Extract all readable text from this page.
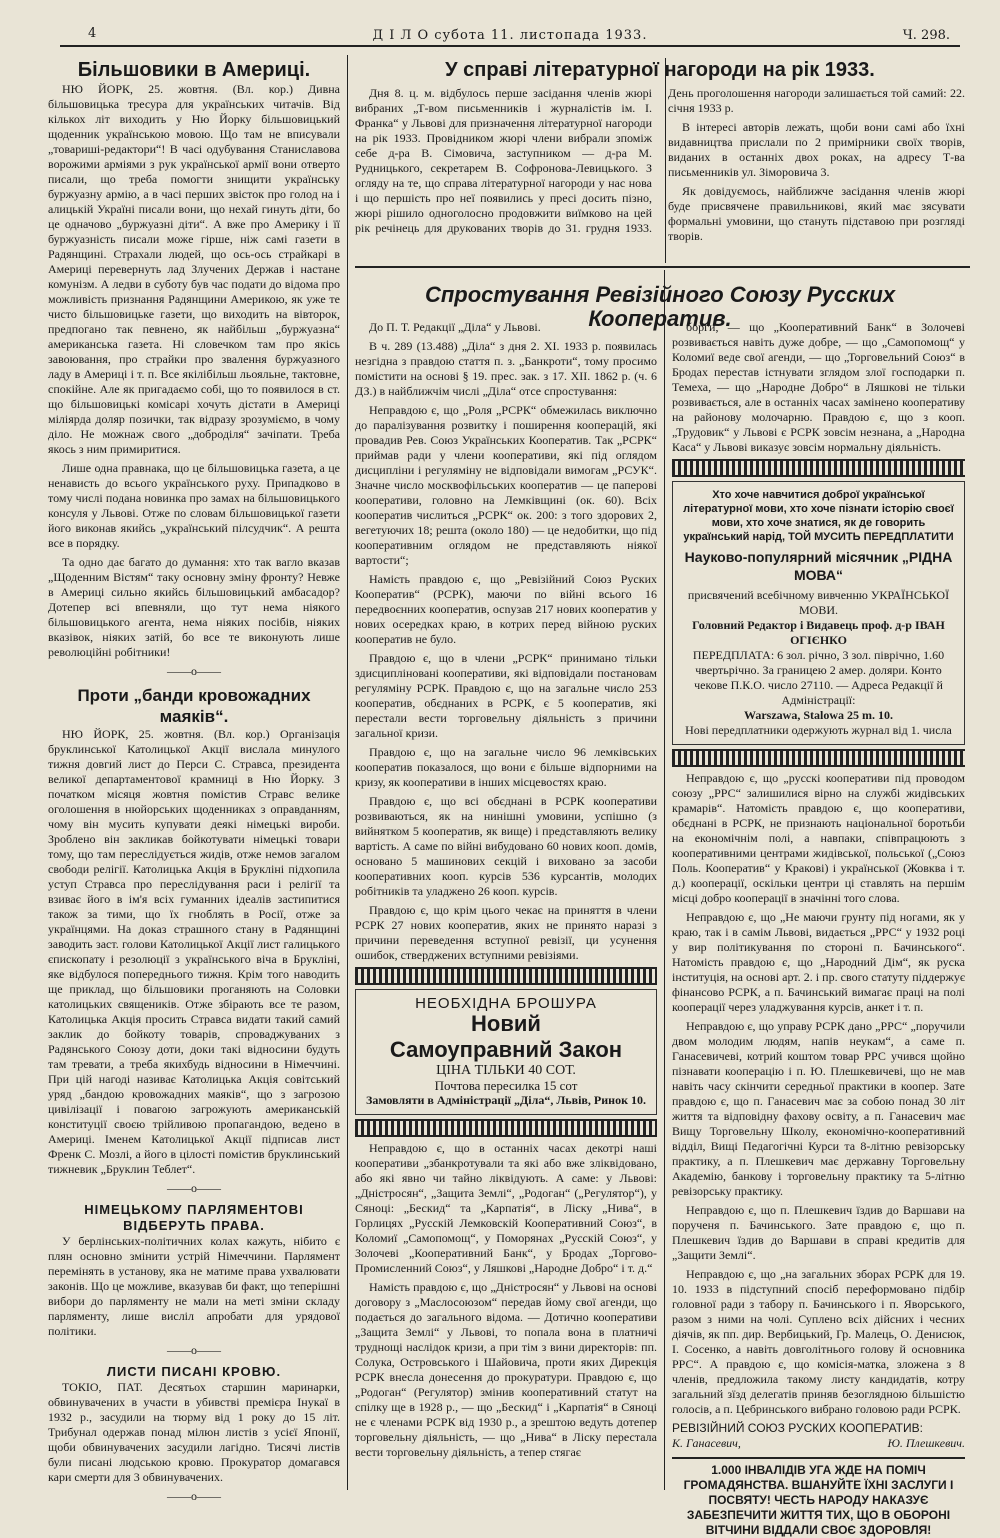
4	Д І Л О субота 11. листопада 1933.	Ч. 298.
Більшовики в Америці.

НЮ ЙОРК, 25. жовтня. (Вл. кор.) Дивна більшовицька тресура для українських читачів. Від кількох літ виходить у Ню Йорку більшовицький щоденник українською мовою. Що там не вписували „товариші-редактори“! В часі одубування Станиславова ворожими арміями з рук української армії вони отверто писали, що треба помогти знищити українську буржуазну армію, а в часі перших звісток про голод на і алицькій Україні писали вони, що нехай гинуть діти, бо це одначово „буржуазні діти“. А вже про Америку і її буржуазність писали може гірше, ніж самі газети в Радянщині. Страхали людей, що ось-ось страйкарі в Америці перевернуть лад Злучених Держав і настане комунізм. А ледви в суботу був час подати до відома про можливість признання Радянщини Америкою, як уже те чисто більшовицьке газети, що виходить на вівторок, предпогано так певнено, як найбільш „буржуазна“ американська газета. Ні словечком там про якісь завоювання, про страйки про звалення буржуазного ладу в Америці і т. п. Все якілібільш льояльне, тактовне, спокійне. Але як пригадаємо собі, що то появилося в ст. що більшовицькі комісарі хочуть дістати в Америці міліярда доляр позички, так відразу зрозуміємо, в чому діло. Не можнаж свого „доброділя“ зачіпати. Треба якось з ним примиритися.

Лише одна правнака, що це більшовицька газета, а це ненависть до всього українського руху. Припадково в тому числі подана новинка про замах на більшовицького консуля у Львові. Отже по словам більшовицької газети його виконав якийсь „український пілсудчик“. А решта все в порядку.

Та одно дає багато до думання: хто так вагло вказав „Щоденним Вістям“ таку основну зміну фронту? Невже в Америці сильно якийсь більшовицький амбасадор? Дотепер всі впевняли, що тут нема ніякого більшовицького агента, нема ніяких посібів, ніяких вказівок, ніяких затій, бо все те виконують лише революційні робітники!

——o——
Проти „банди кровожадних маяків“.

НЮ ЙОРК, 25. жовтня. (Вл. кор.) Організація бруклинської Католицької Акції вислала минулого тижня довгий лист до Перси С. Стравса, президента великої департаментової крамниці в Ню Йорку. З початком місяця жовтня помістив Стравс велике оголошення в нюйорських щоденниках з оправданням, чому він мусить купувати деякі німецькі вироби. Зроблено він закликав бойкотувати німецькі товари тому, що там переслідується жидів, отже немов загалом свободи релігії. Католицька Акція в Брукліні підхопила уступ Стравса про переслідування раси і релігії та взиває його в ім'я всіх гуманних ідеалів застипитися також за тими, що їх гноблять в Росії, отже за українцями. На доказ страшного стану в Радянщині заводить заст. голови Католицької Акції лист галицького єпископату і резолюції з українського віча в Брукліні, яке відбулося попереднього тижня. Крім того наводить ще приклад, що більшовики проганяють на Соловки католицьких священиків. Отже збірають все те разом, Католицька Акція просить Стравса видати такий самий заклик до бойкоту товарів, спроваджуваних з Радянського Союзу доти, доки такі відносини будуть там тревати, а треба якихбудь відносини в Німеччині. При цій нагоді називає Католицька Акція совітський уряд „бандою кровожадних маяків“, що з загрозою цивілізації і повагою загрожують американській конституції своєю трійливою пропагандою, ведено в Америці. Іменем Католицької Акції підписав лист Френк С. Мозлі, а його в цілості помістив бруклинський тижневик „Бруклин Теблет“.

——o——
НІМЕЦЬКОМУ ПАРЛЯМЕНТОВІ ВІДБЕРУТЬ ПРАВА.

У берлінських-політичних колах кажуть, нібито є плян основно змінити устрій Німеччини. Парлямент перемінять в установу, яка не матиме права ухвалювати законів. Що це можливе, вказував би факт, що теперішні вибори до парляменту не мали на меті зміни складу парляменту, лише висліл апробати для урядової політики.

——o——
ЛИСТИ ПИСАНІ КРОВЮ.

ТОКІО, ПАТ. Десятьох старшин маринарки, обвинувачених в участи в убивстві премієра Інукаї в 1932 р., засудили на тюрму від 1 року до 15 літ. Трибунал одержав понад мілюн листів з усієї Японії, щоби обвинувачених засудили лагідно. Тисячі листів були писані людською кровю. Прокуратор домагався кари смерти для 3 обвинувачених.

——o——
У справі літературної нагороди на рік 1933.

Дня 8. ц. м. відбулось перше засідання членів жюрі вибраних „Т-вом письменників і журналістів ім. І. Франка“ у Львові для призначення літературної нагороди на рік 1933. Провідником жюрі члени вибрали зпоміж себе д-ра В. Сімовича, заступником — д-ра М. Рудницького, секретарем В. Софронова-Левицького. З огляду на те, що справа літературної нагороди у нас нова і що першість про неї появились у пресі досить пізно, жюрі рішило одноголосно продовжити виїмково на цей рік речінець для друкованих творів до 31. грудня 1933. День проголошення нагороди залишається той самий: 22. січня 1933 р.

В інтересі авторів лежать, щоби вони самі або їхні видавництва прислали по 2 примірники своїх творів, виданих в останніх двох роках, на адресу Т-ва письменників ул. Зіморовича 3.

Як довідуємось, найближче засідання членів жюрі буде присвячене правильникові, який має зясувати формальні умовини, що стануть підставою при розгляді творів.

Спростування Ревізійного Союзу Русских Кооператив.

До П. Т. Редакції „Діла“ у Львові.

В ч. 289 (13.488) „Діла“ з дня 2. XI. 1933 р. появилась незгідна з правдою стаття п. з. „Банкроти“, тому просимо помістити на основі § 19. прес. зак. з 17. XII. 1862 р. (ч. 6 ДЗ.) в найближчім числі „Діла“ отсе спростування:

Неправдою є, що „Роля „РСРК“ обмежилась виключно до паралізування розвитку і поширення кооперацій, які провадив Рев. Союз Українських Кооператив. Так „РСРК“ приймав ради у члени кооперативи, які під оглядом дисципліни і регуляміну не відповідали вимогам „РСУК“. Значне число москвофільських кооператив — це паперові кооперативи, головно на Лемківщині (ок. 60). Всіх кооператив числиться „РСРК“ ок. 200: з того здорових 2, вегетуючих 18; решта (около 180) — це недобитки, що під кооперативним оглядом не представляють ніякої вартости“;

Намість правдою є, що „Ревізійний Союз Руских Кооператив“ (РСРК), маючи по війні всього 16 передвоєнних кооператив, осnyзав 217 нових кооператив у нових осередках краю, в котрих перед війною руских кооператив не було.

Правдою є, що в члени „РСРК“ принимано тільки здисципліновані кооперативи, які відповідали постановам регуляміну РСРК. Правдою є, що на загальне число 253 кооператив, обєднаних в РСРК, є 5 кооператив, які перестали вести торговельну діяльність з причини загальної кризи.

Правдою є, що на загальне число 96 лемківських кооператив показалося, що вони є більше відпорними на кризу, як кооперативи в інших місцевостях краю.

Правдою є, що всі обєднані в РСРК кооперативи розвиваються, як на нинішні умовини, успішно (з вийнятком 5 кооператив, як вище) і представляють велику вартість. А саме по війні вибудовано 60 нових кооп. домів, основано 5 машинових секцій і виховано за засоби кооперативних кооп. курсів 536 курсантів, молодих робітників та уладжено 26 кооп. курсів.

Правдою є, що крім цього чекає на приняття в члени РСРК 27 нових кооператив, яких не принято наразі з причини переведення вступної ревізії, ци усунення ошибок, стверджених вступними ревізіями.

НЕОБХІДНА БРОШУРА
Новий
Самоуправний Закон
ЦІНА ТІЛЬКИ 40 СОТ.
Почтова пересилка 15 сот
Замовляти в Адміністрації „Діла“, Львів, Ринок 10.

Неправдою є, що в останніх часах декотрі наші кооперативи „збанкротували та які або вже зліквідовано, або які явно чи тайно ліквідують. А саме: у Львові: „Дністросян“, „Защита Землі“, „Родоган“ („Регулятор“), у Сяноці: „Бескид“ та „Карпатія“, в Ліску „Нива“, в Горлицях „Русскій Лемковскій Кооперативний Союз“, в Коломиї „Самопомощ“, у Поморянах „Русскій Союз“, у Золочеві „Кооперативний Банк“, у Бродах „Торгово-Промисленний Союз“, у Ляшкові „Народне Добро“ і т. д.“

Намість правдою є, що „Дністросян“ у Львові на основі договору з „Маслосоюзом“ передав йому свої агенди, що подається до загального відома. — Дотично кооперативи „Защита Землі“ у Львові, то попала вона в платничі труднощі наслідок кризи, а при тім з вини директорів: пп. Солука, Островського і Шайовича, проти яких Дирекція РСРК внесла донесення до прокуратури. Правдою є, що „Родоган“ (Регулятор) змінив кооперативний статут на спілку ще в 1928 р., — що „Бескид“ і „Карпатія“ в Сяноці не є членами РСРК від 1930 р., а зрештою ведуть дотепер торговельну діяльність, — що „Нива“ в Ліску перестала вести торговельну діяльність, а тепер стягає

борги, — що „Кооперативний Банк“ в Золочеві розвивається навіть дуже добре, — що „Самопомощ“ у Коломиї веде свої агенди, — що „Торговельний Союз“ в Бродах перестав істнувати зглядом злої господарки п. Темеха, — що „Народне Добро“ в Ляшкові не тільки розвивається, але в останніх часах замінено кооперативу на районову молочарню. Правдою є, що з кооп. „Трудовик“ у Львові є РСРК зовсім незнана, а „Народна Каса“ у Львові виказує зовсім нормальну діяльність.

Хто хоче навчитися доброї української літературної мови, хто хоче пізнати історію своєї мови, хто хоче знатися, як де говорить український нарід, ТОЙ МУСИТЬ ПЕРЕДПЛАТИТИ
Науково-популярний місячник „РІДНА МОВА“
присвячений всебічному вивченню УКРАЇНСЬКОЇ МОВИ.
Головний Редактор і Видавець проф. д-р ІВАН ОГІЄНКО
ПЕРЕДПЛАТА: 6 зол. річно, 3 зол. піврічно, 1.60 чвертьрічно. За границею 2 амер. доляри. Конто чекове П.К.О. число 27110. — Адреса Редакції й Адміністрації:
Warszawa, Stalowa 25 m. 10.
Нові передплатники одержують журнал від 1. числа

Неправдою є, що „русскі кооперативи під проводом союзу „РРС“ залишилися вірно на службі жидівських крамарів“. Натомість правдою є, що кооперативи, обєднані в РСРК, не признають національної боротьби на економічнім полі, а навпаки, співпрацюють з кооперативними центрами жидівської, польської („Союз Поль. Кооператив“ у Кракові) і української (Жовква і т. д.) кооперації, оскільки центри ці ставлять на першім місці добро кооперації в значінні того слова.

Неправдою є, що „Не маючи грунту під ногами, як у краю, так і в самім Львові, видається „РРС“ у 1932 році у вир політикування по стороні п. Бачинського“. Натомість правдою є, що „Народний Дім“, як руска інституція, на основі арт. 2. і пр. свого статуту піддержує фінансово РСРК, а п. Бачинський вимагає праці на полі кооперації через уладжування курсів, анкет і т. п.

Неправдою є, що управу РСРК дано „РРС“ „поручили двом молодим людям, напів неукам“, а саме п. Ганасевичеві, котрий коштом товар РРС учився щойно пізнавати кооперацію і п. Ю. Плешкевичеві, що не мав навіть часу скінчити середньої практики в коопер. Зате правдою є, що п. Ганасевич має за собою понад 30 літ життя та відповідну фахову освіту, а п. Ганасевич має Вищу Торговельну Школу, економічно-кооперативний відділ, Вищі Педагогічні Курси та 8-літню ревізорську практику, а п. Плешкевич має державну Торговельну Академію, банкову і торговельну практику та 5-літню ревізорську практику.

Неправдою є, що п. Плешкевич їздив до Варшави на порученя п. Бачинського. Зате правдою є, що п. Плешкевич їздив до Варшави в справі кредитів для „Защити Землі“.

Неправдою є, що „на загальних зборах РСРК для 19. 10. 1933 в підступний спосіб переформовано підбір головної ради з табору п. Бачинського і п. Яворського, разом з ними на чолі. Суплено всіх дійсних і чесних діячів, як пп. дир. Вербицький, Гр. Малець, О. Денисюк, І. Сосенко, а навіть довголітнього голову й основника РРС“. А правдою є, що комісія-матка, зложена з 8 членів, предложила такому листу кандидатів, котру загальний зїзд делегатів приняв безоглядною більшістю голосів, а п. Цебринського вибрано головою ради РСРК.

РЕВІЗІЙНИЙ СОЮЗ РУСКИХ КООПЕРАТИВ:
К. Ганасевич,	Ю. Плешкевич.
1.000 ІНВАЛІДІВ УГА ЖДЕ НА ПОМІЧ ГРОМАДЯНСТВА. ВШАНУЙТЕ ЇХНІ ЗАСЛУГИ І ПОСВЯТУ! ЧЕСТЬ НАРОДУ НАКАЗУЄ ЗАБЕЗПЕЧИТИ ЖИТТЯ ТИХ, ЩО В ОБОРОНІ ВІТЧИНИ ВІДДАЛИ СВОЄ ЗДОРОВЛЯ!
